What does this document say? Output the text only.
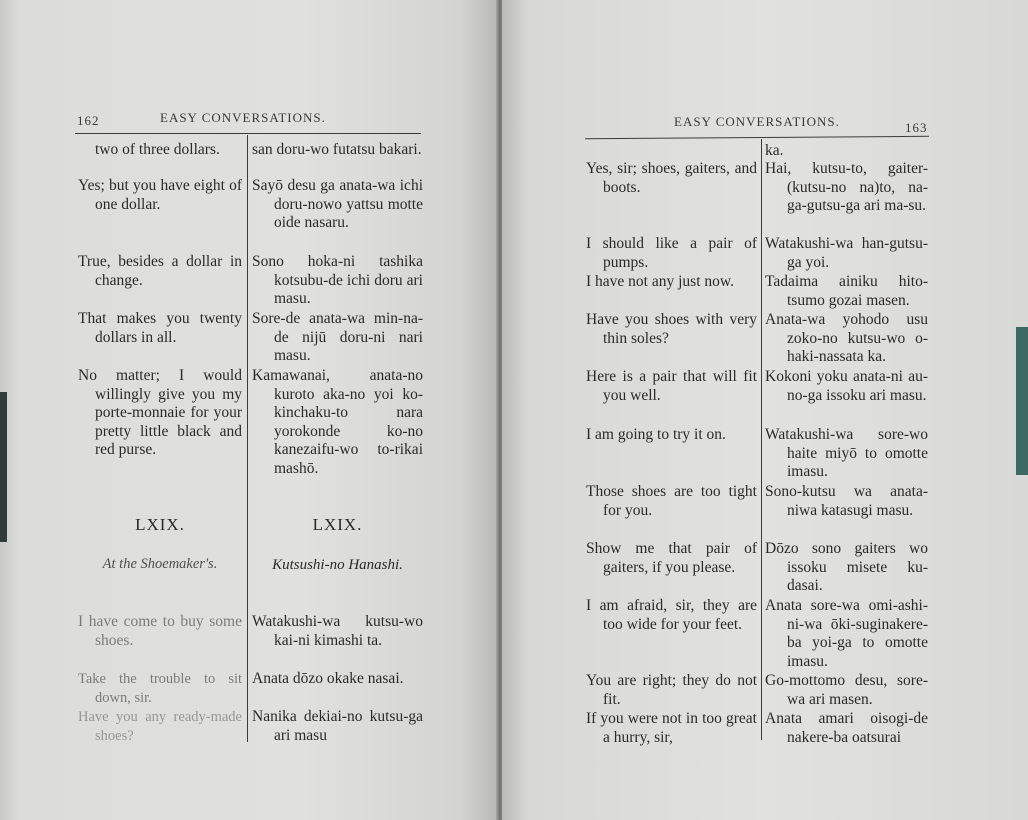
162	EASY CONVERSATIONS.
two of three dollars.
Yes; but you have eight of one dollar.
True, besides a dollar in change.
That makes you twenty dollars in all.
No matter; I would willingly give you my porte-monnaie for your pretty little black and red purse.
LXIX.
At the Shoemaker's.
I have come to buy some shoes.
Take the trouble to sit down, sir.
Have you any ready-made shoes?
san doru-wo futatsu bakari.
Sayō desu ga anata-wa ichi doru-nowo yattsu motte oide nasaru.
Sono hoka-ni tashika kotsubu-de ichi doru ari masu.
Sore-de anata-wa min-na-de nijū doru-ni nari masu.
Kamawanai, anata-no kuroto aka-no yoi ko-kinchaku-to nara yorokonde ko-no kanezaifu-wo to-rikai mashō.
LXIX.
Kutsushi-no Hanashi.
Watakushi-wa kutsu-wo kai-ni kimashi ta.
Anata dōzo okake nasai.
Nanika dekiai-no kutsu-ga ari masu
EASY CONVERSATIONS.	163
Yes, sir; shoes, gaiters, and boots.
I should like a pair of pumps.
I have not any just now.
Have you shoes with very thin soles?
Here is a pair that will fit you well.
I am going to try it on.
Those shoes are too tight for you.
Show me that pair of gaiters, if you please.
I am afraid, sir, they are too wide for your feet.
You are right; they do not fit.
If you were not in too great a hurry, sir,
ka.
Hai, kutsu-to, gaiter-(kutsu-no na)to, na-ga-gutsu-ga ari ma-su.
Watakushi-wa han-gutsu-ga yoi.
Tadaima ainiku hito-tsumo gozai masen.
Anata-wa yohodo usu zoko-no kutsu-wo o-haki-nassata ka.
Kokoni yoku anata-ni au-no-ga issoku ari masu.
Watakushi-wa sore-wo haite miyō to omotte imasu.
Sono-kutsu wa anata-niwa katasugi masu.
Dōzo sono gaiters wo issoku misete ku-dasai.
Anata sore-wa omi-ashi-ni-wa ōki-suginakere-ba yoi-ga to omotte imasu.
Go-mottomo desu, sore-wa ari masen.
Anata amari oisogi-de nakere-ba oatsurai
